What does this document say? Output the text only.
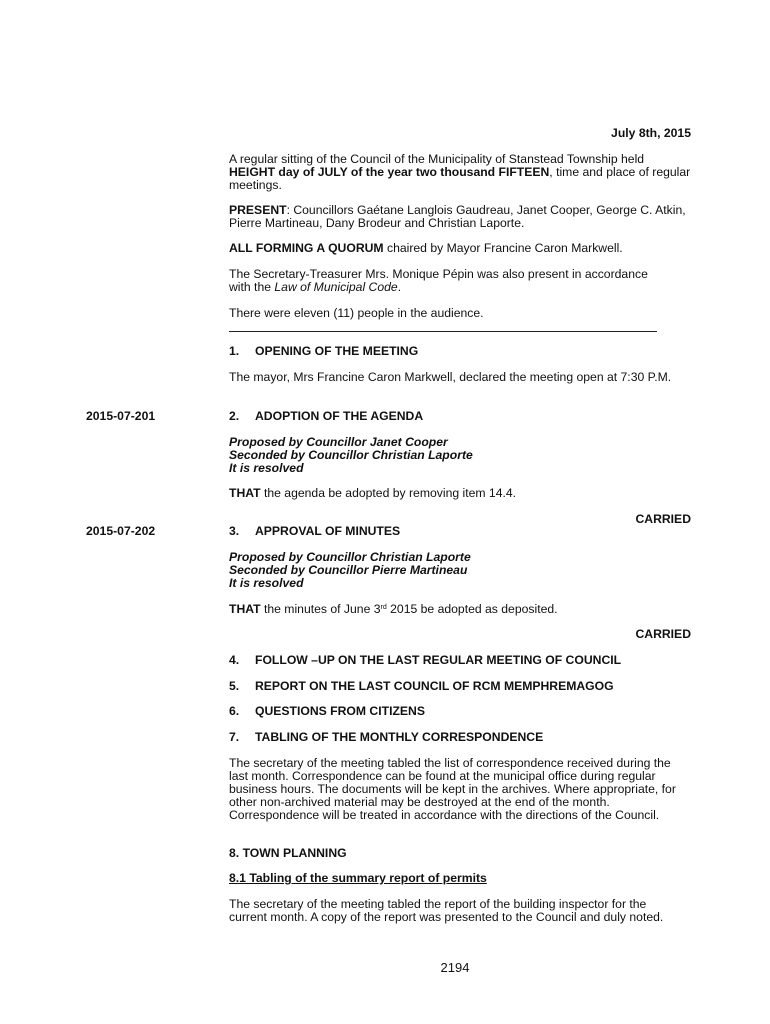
July 8th, 2015
A regular sitting of the Council of the Municipality of Stanstead Township held HEIGHT day of JULY of the year two thousand FIFTEEN, time and place of regular meetings.
PRESENT: Councillors Gaétane Langlois Gaudreau, Janet Cooper, George C. Atkin, Pierre Martineau, Dany Brodeur and Christian Laporte.
ALL FORMING A QUORUM chaired by Mayor Francine Caron Markwell.
The Secretary-Treasurer Mrs. Monique Pépin was also present in accordance with the Law of Municipal Code.
There were eleven (11) people in the audience.
1. OPENING OF THE MEETING
The mayor, Mrs Francine Caron Markwell, declared the meeting open at 7:30 P.M.
2015-07-201	2. ADOPTION OF THE AGENDA
Proposed by Councillor Janet Cooper
Seconded by Councillor Christian Laporte
It is resolved
THAT the agenda be adopted by removing item 14.4.
CARRIED
2015-07-202	3. APPROVAL OF MINUTES
Proposed by Councillor Christian Laporte
Seconded by Councillor Pierre Martineau
It is resolved
THAT the minutes of June 3rd 2015 be adopted as deposited.
CARRIED
4. FOLLOW –UP ON THE LAST REGULAR MEETING OF COUNCIL
5. REPORT ON THE LAST COUNCIL OF RCM MEMPHREMAGOG
6. QUESTIONS FROM CITIZENS
7. TABLING OF THE MONTHLY CORRESPONDENCE
The secretary of the meeting tabled the list of correspondence received during the last month. Correspondence can be found at the municipal office during regular business hours. The documents will be kept in the archives. Where appropriate, for other non-archived material may be destroyed at the end of the month. Correspondence will be treated in accordance with the directions of the Council.
8. TOWN PLANNING
8.1 Tabling of the summary report of permits
The secretary of the meeting tabled the report of the building inspector for the current month. A copy of the report was presented to the Council and duly noted.
2194
